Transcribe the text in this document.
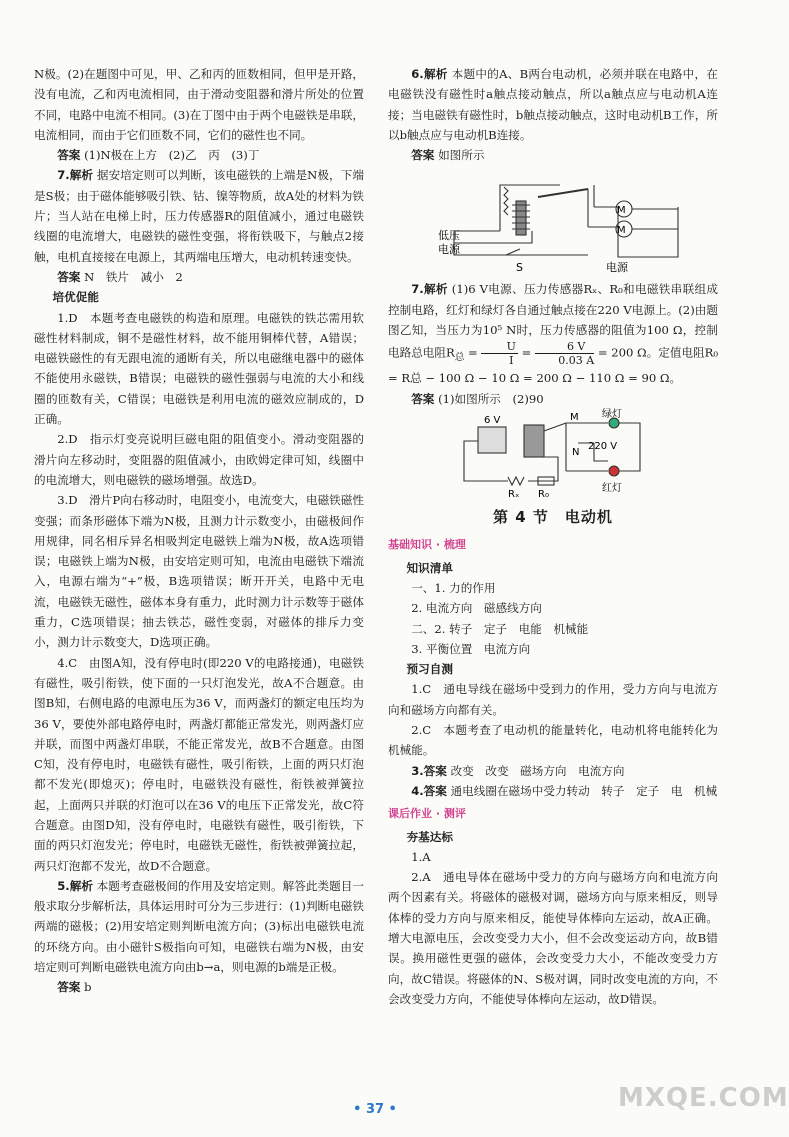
N极。(2)在题图中可见，甲、乙和丙的匝数相同，但甲是开路，没有电流，乙和丙电流相同，由于滑动变阻器和滑片所处的位置不同，电路中电流不相同。(3)在丁图中由于两个电磁铁是串联，电流相同，而由于它们匝数不同，它们的磁性也不同。

答案 (1)N极在上方　(2)乙　丙　(3)丁

7.解析 据安培定则可以判断，该电磁铁的上端是N极，下端是S极；由于磁体能够吸引铁、钴、镍等物质，故A处的材料为铁片；当人站在电梯上时，压力传感器R的阻值减小，通过电磁铁线圈的电流增大，电磁铁的磁性变强，将衔铁吸下，与触点2接触，电机直接接在电源上，其两端电压增大，电动机转速变快。

答案 N　铁片　减小　2

培优促能

1.D　本题考查电磁铁的构造和原理。电磁铁的铁芯需用软磁性材料制成，铜不是磁性材料，故不能用铜棒代替，A错误；电磁铁磁性的有无跟电流的通断有关，所以电磁继电器中的磁体不能使用永磁铁，B错误；电磁铁的磁性强弱与电流的大小和线圈的匝数有关，C错误；电磁铁是利用电流的磁效应制成的，D正确。

2.D　指示灯变亮说明巨磁电阻的阻值变小。滑动变阻器的滑片向左移动时，变阻器的阻值减小，由欧姆定律可知，线圈中的电流增大，则电磁铁的磁场增强。故选D。

3.D　滑片P向右移动时，电阻变小，电流变大，电磁铁磁性变强；而条形磁体下端为N极，且测力计示数变小，由磁极间作用规律，同名相斥异名相吸判定电磁铁上端为N极，故A选项错误；电磁铁上端为N极，由安培定则可知，电流由电磁铁下端流入，电源右端为“+”极，B选项错误；断开开关，电路中无电流，电磁铁无磁性，磁体本身有重力，此时测力计示数等于磁体重力，C选项错误；抽去铁芯，磁性变弱，对磁体的排斥力变小，测力计示数变大，D选项正确。

4.C　由图A知，没有停电时(即220 V的电路接通)，电磁铁有磁性，吸引衔铁，使下面的一只灯泡发光，故A不合题意。由图B知，右侧电路的电源电压为36 V，而两盏灯的额定电压均为36 V，要使外部电路停电时，两盏灯都能正常发光，则两盏灯应并联，而图中两盏灯串联，不能正常发光，故B不合题意。由图C知，没有停电时，电磁铁有磁性，吸引衔铁，上面的两只灯泡都不发光(即熄灭)；停电时，电磁铁没有磁性，衔铁被弹簧拉起，上面两只并联的灯泡可以在36 V的电压下正常发光，故C符合题意。由图D知，没有停电时，电磁铁有磁性，吸引衔铁，下面的两只灯泡发光；停电时，电磁铁无磁性，衔铁被弹簧拉起，两只灯泡都不发光，故D不合题意。

5.解析 本题考查磁极间的作用及安培定则。解答此类题目一般求取分步解析法，具体运用时可分为三步进行：(1)判断电磁铁两端的磁极；(2)用安培定则判断电流方向；(3)标出电磁铁电流的环绕方向。由小磁针S极指向可知，电磁铁右端为N极，由安培定则可判断电磁铁电流方向由b→a，则电源的b端是正极。

答案 b

6.解析 本题中的A、B两台电动机，必须并联在电路中，在电磁铁没有磁性时a触点接动触点，所以a触点应与电动机A连接；当电磁铁有磁性时，b触点接动触点，这时电动机B工作，所以b触点应与电动机B连接。

答案 如图所示

M
M
低压
电源
S	电源

7.解析 (1)6 V电源、压力传感器Rₓ、R₀和电磁铁串联组成控制电路，红灯和绿灯各自通过触点接在220 V电源上。(2)由题图乙知，当压力为10⁵ N时，压力传感器的阻值为100 Ω，控制电路总电阻$R_总 = \frac{U}{I} = \frac{6 V}{0.03 A} = 200$ Ω。定值电阻R₀ = R总 − 100 Ω − 10 Ω = 200 Ω − 110 Ω = 90 Ω。

答案 (1)如图所示　(2)90

6 V	M
N
220 V
绿灯
红灯
Rₓ R₀
第 4 节　电动机
基础知识 · 梳理

知识清单

一、1. 力的作用

2. 电流方向　磁感线方向

二、2. 转子　定子　电能　机械能

3. 平衡位置　电流方向

预习自测

1.C　通电导线在磁场中受到力的作用，受力方向与电流方向和磁场方向都有关。

2.C　本题考查了电动机的能量转化，电动机将电能转化为机械能。

3.答案 改变　改变　磁场方向　电流方向

4.答案 通电线圈在磁场中受力转动　转子　定子　电　机械

课后作业 · 测评

夯基达标

1.A

2.A　通电导体在磁场中受力的方向与磁场方向和电流方向两个因素有关。将磁体的磁极对调，磁场方向与原来相反，则导体棒的受力方向与原来相反，能使导体棒向左运动，故A正确。增大电源电压，会改变受力大小，但不会改变运动方向，故B错误。换用磁性更强的磁体，会改变受力大小，不能改变受力方向，故C错误。将磁体的N、S极对调，同时改变电流的方向，不会改变受力方向，不能使导体棒向左运动，故D错误。

• 37 •	MXQE.COM
